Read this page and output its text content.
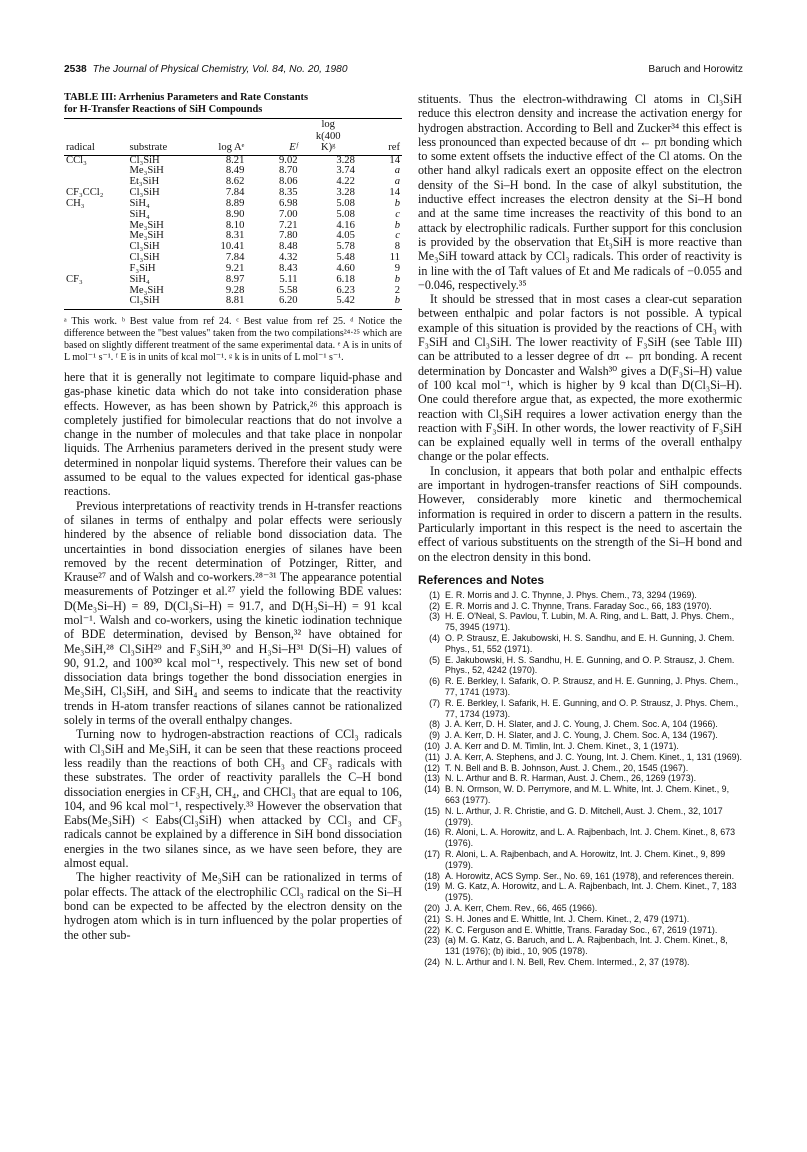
2538 The Journal of Physical Chemistry, Vol. 84, No. 20, 1980	Baruch and Horowitz
TABLE III: Arrhenius Parameters and Rate Constants
for H-Transfer Reactions of SiH Compounds
				log	
				k(400	
radical	substrate	log Aᵉ	Eᶠ	K)ᵍ	ref
CCl₃	Cl₃SiH	8.21	9.02	3.28	14
	Me₃SiH	8.49	8.70	3.74	a
	Et₃SiH	8.62	8.06	4.22	a
CF₃CCl₂	Cl₃SiH	7.84	8.35	3.28	14
CH₃	SiH₄	8.89	6.98	5.08	b
	SiH₄	8.90	7.00	5.08	c
	Me₃SiH	8.10	7.21	4.16	b
	Me₃SiH	8.31	7.80	4.05	c
	Cl₃SiH	10.41	8.48	5.78	8
	Cl₃SiH	7.84	4.32	5.48	11
	F₃SiH	9.21	8.43	4.60	9
CF₃	SiH₄	8.97	5.11	6.18	b
	Me₃SiH	9.28	5.58	6.23	2
	Cl₃SiH	8.81	6.20	5.42	b
ᵃ This work. ᵇ Best value from ref 24. ᶜ Best value from ref 25. ᵈ Notice the difference between the "best values" taken from the two compilations²⁴·²⁵ which are based on slightly different treatment of the same experimental data. ᵉ A is in units of L mol⁻¹ s⁻¹. ᶠ E is in units of kcal mol⁻¹. ᵍ k is in units of L mol⁻¹ s⁻¹.

here that it is generally not legitimate to compare liquid-phase and gas-phase kinetic data which do not take into consideration phase effects. However, as has been shown by Patrick,²⁶ this approach is completely justified for bimolecular reactions that do not involve a change in the number of molecules and that take place in nonpolar liquids. The Arrhenius parameters derived in the present study were determined in nonpolar liquid systems. Therefore their values can be assumed to be equal to the values expected for identical gas-phase reactions.

Previous interpretations of reactivity trends in H-transfer reactions of silanes in terms of enthalpy and polar effects were seriously hindered by the absence of reliable bond dissociation data. The uncertainties in bond dissociation energies of silanes have been removed by the recent determination of Potzinger, Ritter, and Krause²⁷ and of Walsh and co-workers.²⁸⁻³¹ The appearance potential measurements of Potzinger et al.²⁷ yield the following BDE values: D(Me₃Si–H) = 89, D(Cl₃Si–H) = 91.7, and D(H₃Si–H) = 91 kcal mol⁻¹. Walsh and co-workers, using the kinetic iodination technique of BDE determination, devised by Benson,³² have obtained for Me₃SiH,²⁸ Cl₃SiH²⁹ and F₃SiH,³⁰ and H₃Si–H³¹ D(Si–H) values of 90, 91.2, and 100³⁰ kcal mol⁻¹, respectively. This new set of bond dissociation data brings together the bond dissociation energies in Me₃SiH, Cl₃SiH, and SiH₄ and seems to indicate that the reactivity trends in H-atom transfer reactions of silanes cannot be rationalized solely in terms of the overall enthalpy changes.

Turning now to hydrogen-abstraction reactions of CCl₃ radicals with Cl₃SiH and Me₃SiH, it can be seen that these reactions proceed less readily than the reactions of both CH₃ and CF₃ radicals with these substrates. The order of reactivity parallels the C–H bond dissociation energies in CF₃H, CH₄, and CHCl₃ that are equal to 106, 104, and 96 kcal mol⁻¹, respectively.³³ However the observation that Eabs(Me₃SiH) < Eabs(Cl₃SiH) when attacked by CCl₃ and CF₃ radicals cannot be explained by a difference in SiH bond dissociation energies in the two silanes since, as we have seen before, they are almost equal.

The higher reactivity of Me₃SiH can be rationalized in terms of polar effects. The attack of the electrophilic CCl₃ radical on the Si–H bond can be expected to be affected by the electron density on the hydrogen atom which is in turn influenced by the polar properties of the other sub-

stituents. Thus the electron-withdrawing Cl atoms in Cl₃SiH reduce this electron density and increase the activation energy for hydrogen abstraction. According to Bell and Zucker³⁴ this effect is less pronounced than expected because of dπ ← pπ bonding which to some extent offsets the inductive effect of the Cl atoms. On the other hand alkyl radicals exert an opposite effect on the electron density of the Si–H bond. In the case of alkyl substitution, the inductive effect increases the electron density at the Si–H bond and at the same time increases the reactivity of this bond to an attack by electrophilic radicals. Further support for this conclusion is provided by the observation that Et₃SiH is more reactive than Me₃SiH toward attack by CCl₃ radicals. This order of reactivity is in line with the σI Taft values of Et and Me radicals of −0.055 and −0.046, respectively.³⁵

It should be stressed that in most cases a clear-cut separation between enthalpic and polar factors is not possible. A typical example of this situation is provided by the reactions of CH₃ with F₃SiH and Cl₃SiH. The lower reactivity of F₃SiH (see Table III) can be attributed to a lesser degree of dπ ← pπ bonding. A recent determination by Doncaster and Walsh³⁰ gives a D(F₃Si–H) value of 100 kcal mol⁻¹, which is higher by 9 kcal than D(Cl₃Si–H). One could therefore argue that, as expected, the more exothermic reaction with Cl₃SiH requires a lower activation energy than the reaction with F₃SiH. In other words, the lower reactivity of F₃SiH can be explained equally well in terms of the overall enthalpy change or the polar effects.

In conclusion, it appears that both polar and enthalpic effects are important in hydrogen-transfer reactions of SiH compounds. However, considerably more kinetic and thermochemical information is required in order to discern a pattern in the results. Particularly important in this respect is the need to ascertain the effect of various substituents on the strength of the Si–H bond and on the electron density in this bond.

References and Notes
(1) E. R. Morris and J. C. Thynne, J. Phys. Chem., 73, 3294 (1969).
(2) E. R. Morris and J. C. Thynne, Trans. Faraday Soc., 66, 183 (1970).
(3) H. E. O'Neal, S. Pavlou, T. Lubin, M. A. Ring, and L. Batt, J. Phys. Chem., 75, 3945 (1971).
(4) O. P. Strausz, E. Jakubowski, H. S. Sandhu, and E. H. Gunning, J. Chem. Phys., 51, 552 (1971).
(5) E. Jakubowski, H. S. Sandhu, H. E. Gunning, and O. P. Strausz, J. Chem. Phys., 52, 4242 (1970).
(6) R. E. Berkley, I. Safarik, O. P. Strausz, and H. E. Gunning, J. Phys. Chem., 77, 1741 (1973).
(7) R. E. Berkley, I. Safarik, H. E. Gunning, and O. P. Strausz, J. Phys. Chem., 77, 1734 (1973).
(8) J. A. Kerr, D. H. Slater, and J. C. Young, J. Chem. Soc. A, 104 (1966).
(9) J. A. Kerr, D. H. Slater, and J. C. Young, J. Chem. Soc. A, 134 (1967).
(10) J. A. Kerr and D. M. Timlin, Int. J. Chem. Kinet., 3, 1 (1971).
(11) J. A. Kerr, A. Stephens, and J. C. Young, Int. J. Chem. Kinet., 1, 131 (1969).
(12) T. N. Bell and B. B. Johnson, Aust. J. Chem., 20, 1545 (1967).
(13) N. L. Arthur and B. R. Harman, Aust. J. Chem., 26, 1269 (1973).
(14) B. N. Ormson, W. D. Perrymore, and M. L. White, Int. J. Chem. Kinet., 9, 663 (1977).
(15) N. L. Arthur, J. R. Christie, and G. D. Mitchell, Aust. J. Chem., 32, 1017 (1979).
(16) R. Aloni, L. A. Horowitz, and L. A. Rajbenbach, Int. J. Chem. Kinet., 8, 673 (1976).
(17) R. Aloni, L. A. Rajbenbach, and A. Horowitz, Int. J. Chem. Kinet., 9, 899 (1979).
(18) A. Horowitz, ACS Symp. Ser., No. 69, 161 (1978), and references therein.
(19) M. G. Katz, A. Horowitz, and L. A. Rajbenbach, Int. J. Chem. Kinet., 7, 183 (1975).
(20) J. A. Kerr, Chem. Rev., 66, 465 (1966).
(21) S. H. Jones and E. Whittle, Int. J. Chem. Kinet., 2, 479 (1971).
(22) K. C. Ferguson and E. Whittle, Trans. Faraday Soc., 67, 2619 (1971).
(23) (a) M. G. Katz, G. Baruch, and L. A. Rajbenbach, Int. J. Chem. Kinet., 8, 131 (1976); (b) ibid., 10, 905 (1978).
(24) N. L. Arthur and I. N. Bell, Rev. Chem. Intermed., 2, 37 (1978).
